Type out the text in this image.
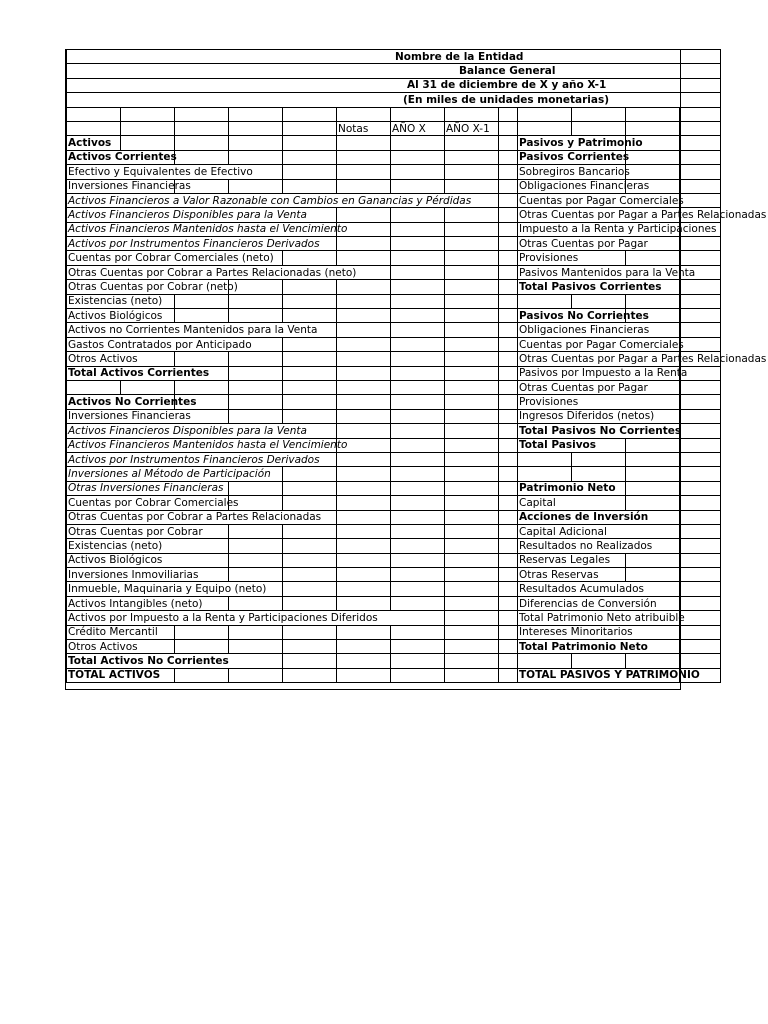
Nombre de la Entidad												
Balance General												
Al 31 de diciembre de X y año X-1												
(En miles de unidades monetarias)												

					Notas	AÑO X	AÑO X-1					
Activos									Pasivos y Patrimonio			
Activos Corrientes									Pasivos Corrientes			
Efectivo y Equivalentes de Efectivo									Sobregiros Bancarios			
Inversiones Financieras									Obligaciones Financieras			
Activos Financieros a Valor Razonable con Cambios en Ganancias y Pérdidas									Cuentas por Pagar Comerciales			
Activos Financieros Disponibles para la Venta									Otras Cuentas por Pagar a Partes Relacionadas			
Activos Financieros Mantenidos hasta el Vencimiento									Impuesto a la Renta y Participaciones			
Activos por Instrumentos Financieros Derivados									Otras Cuentas por Pagar			
Cuentas por Cobrar Comerciales (neto)									Provisiones			
Otras Cuentas por Cobrar a Partes Relacionadas (neto)									Pasivos Mantenidos para la Venta			
Otras Cuentas por Cobrar (neto)									Total Pasivos Corrientes			
Existencias (neto)												
Activos Biológicos									Pasivos No Corrientes			
Activos no Corrientes Mantenidos para la Venta									Obligaciones Financieras			
Gastos Contratados por Anticipado									Cuentas por Pagar Comerciales			
Otros Activos									Otras Cuentas por Pagar a Partes Relacionadas			
Total Activos Corrientes									Pasivos por Impuesto a la Renta			
									Otras Cuentas por Pagar			
Activos No Corrientes									Provisiones			
Inversiones Financieras									Ingresos Diferidos (netos)			
Activos Financieros Disponibles para la Venta									Total Pasivos No Corrientes			
Activos Financieros Mantenidos hasta el Vencimiento									Total Pasivos			
Activos por Instrumentos Financieros Derivados												
Inversiones al Método de Participación												
Otras Inversiones Financieras									Patrimonio Neto			
Cuentas por Cobrar Comerciales									Capital			
Otras Cuentas por Cobrar a Partes Relacionadas									Acciones de Inversión			
Otras Cuentas por Cobrar									Capital Adicional			
Existencias (neto)									Resultados no Realizados			
Activos Biológicos									Reservas Legales			
Inversiones Inmoviliarias									Otras Reservas			
Inmueble, Maquinaria y Equipo (neto)									Resultados Acumulados			
Activos Intangibles (neto)									Diferencias de Conversión			
Activos por Impuesto a la Renta y Participaciones Diferidos									Total Patrimonio Neto atribuible			
Crédito Mercantil									Intereses Minoritarios			
Otros Activos									Total Patrimonio Neto			
Total Activos No Corrientes												
TOTAL ACTIVOS									TOTAL PASIVOS Y PATRIMONIO			
